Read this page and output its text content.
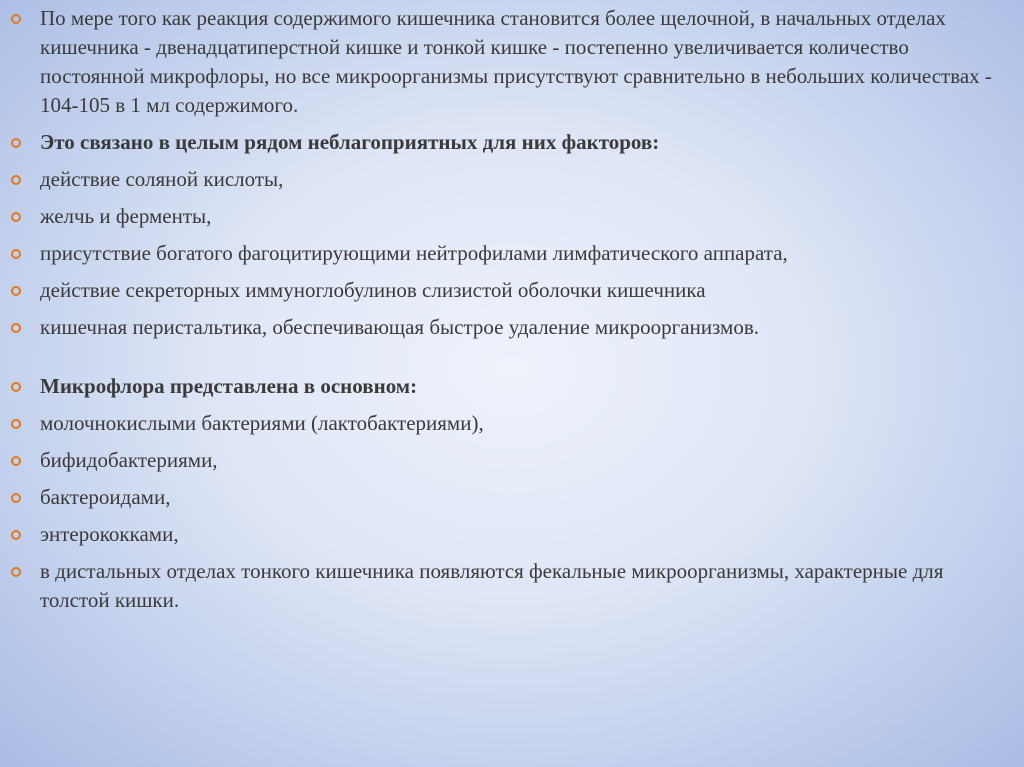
По мере того как реакция содержимого кишечника становится более щелочной, в начальных отделах кишечника - двенадцатиперстной кишке и тонкой кишке - постепенно увеличивается количество постоянной микрофлоры, но все микроорганизмы присутствуют сравнительно в небольших количествах - 104-105 в 1 мл содержимого.
Это связано в целым рядом неблагоприятных для них факторов:
действие соляной кислоты,
желчь и ферменты,
присутствие богатого фагоцитирующими нейтрофилами лимфатического аппарата,
действие секреторных иммуноглобулинов слизистой оболочки кишечника
кишечная перистальтика, обеспечивающая быстрое удаление микроорганизмов.
Микрофлора представлена в основном:
молочнокислыми бактериями (лактобактериями),
бифидобактериями,
бактероидами,
энтерококками,
в дистальных отделах тонкого кишечника появляются фекальные микроорганизмы, характерные для толстой кишки.
